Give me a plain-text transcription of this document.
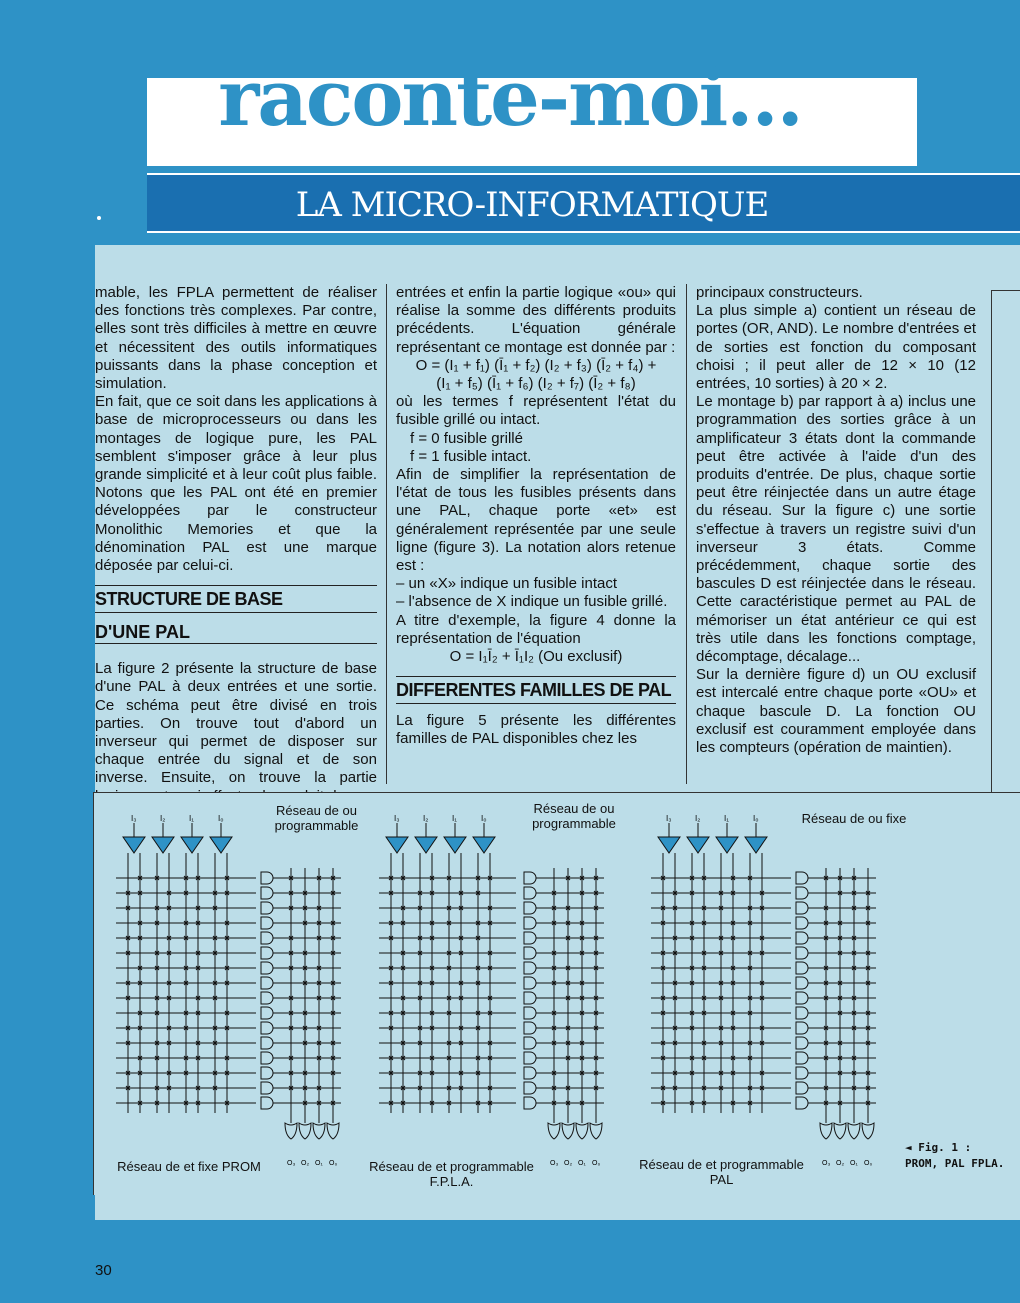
raconte-moi...
LA MICRO-INFORMATIQUE

mable, les FPLA permettent de réaliser des fonctions très complexes. Par contre, elles sont très difficiles à mettre en œuvre et nécessitent des outils informatiques puissants dans la phase conception et simulation.

En fait, que ce soit dans les applications à base de microprocesseurs ou dans les montages de logique pure, les PAL semblent s'imposer grâce à leur plus grande simplicité et à leur coût plus faible. Notons que les PAL ont été en premier développées par le constructeur Monolithic Memories et que la dénomination PAL est une marque déposée par celui-ci.

STRUCTURE DE BASE
D'UNE PAL

La figure 2 présente la structure de base d'une PAL à deux entrées et une sortie. Ce schéma peut être divisé en trois parties. On trouve tout d'abord un inverseur qui permet de disposer sur chaque entrée du signal et de son inverse. Ensuite, on trouve la partie

entrées et enfin la partie logique «ou» qui réalise la somme des différents produits précédents. L'équation générale représentant ce montage est donnée par :

O = (I₁ + f₁) (Ī₁ + f₂) (I₂ + f₃) (Ī₂ + f₄) +

(I₁ + f₅) (Ī₁ + f₆) (I₂ + f₇) (Ī₂ + f₈)

où les termes f représentent l'état du fusible grillé ou intact.

f = 0 fusible grillé

f = 1 fusible intact.

Afin de simplifier la représentation de l'état de tous les fusibles présents dans une PAL, chaque porte «et» est généralement représentée par une seule ligne (figure 3). La notation alors retenue est :

– un «X» indique un fusible intact

– l'absence de X indique un fusible grillé.

A titre d'exemple, la figure 4 donne la représentation de l'équation

O = I₁Ī₂ + Ī₁I₂ (Ou exclusif)

DIFFERENTES FAMILLES DE PAL

La figure 5 présente les différentes familles de PAL disponibles chez les

principaux constructeurs.

La plus simple a) contient un réseau de portes (OR, AND). Le nombre d'entrées et de sorties est fonction du composant choisi ; il peut aller de 12 × 10 (12 entrées, 10 sorties) à 20 × 2.

Le montage b) par rapport à a) inclus une programmation des sorties grâce à un amplificateur 3 états dont la commande peut être activée à l'aide d'un des produits d'entrée. De plus, chaque sortie peut être réinjectée dans un autre étage du réseau. Sur la figure c) une sortie s'effectue à travers un registre suivi d'un inverseur 3 états. Comme précédemment, chaque sortie des bascules D est réinjectée dans le réseau. Cette caractéristique permet au PAL de mémoriser un état antérieur ce qui est très utile dans les fonctions comptage, décomptage, décalage...

Sur la dernière figure d) un OU exclusif est intercalé entre chaque porte «OU» et chaque bascule D. La fonction OU exclusif est couramment employée dans les compteurs (opération de maintien).

I₃	I₂	I₁	I₀
O₃ O₂ O₁ O₀
I₃	I₂	I₁	I₀
O₃ O₂ O₁ O₀
I₃	I₂	I₁	I₀
O₃ O₂ O₁ O₀
Réseau de ou programmable
Réseau de et fixe PROM
Réseau de ou programmable
Réseau de et programmable F.P.L.A.
Réseau de ou fixe
Réseau de et programmable PAL
◄ Fig. 1 : PROM, PAL FPLA.
30
